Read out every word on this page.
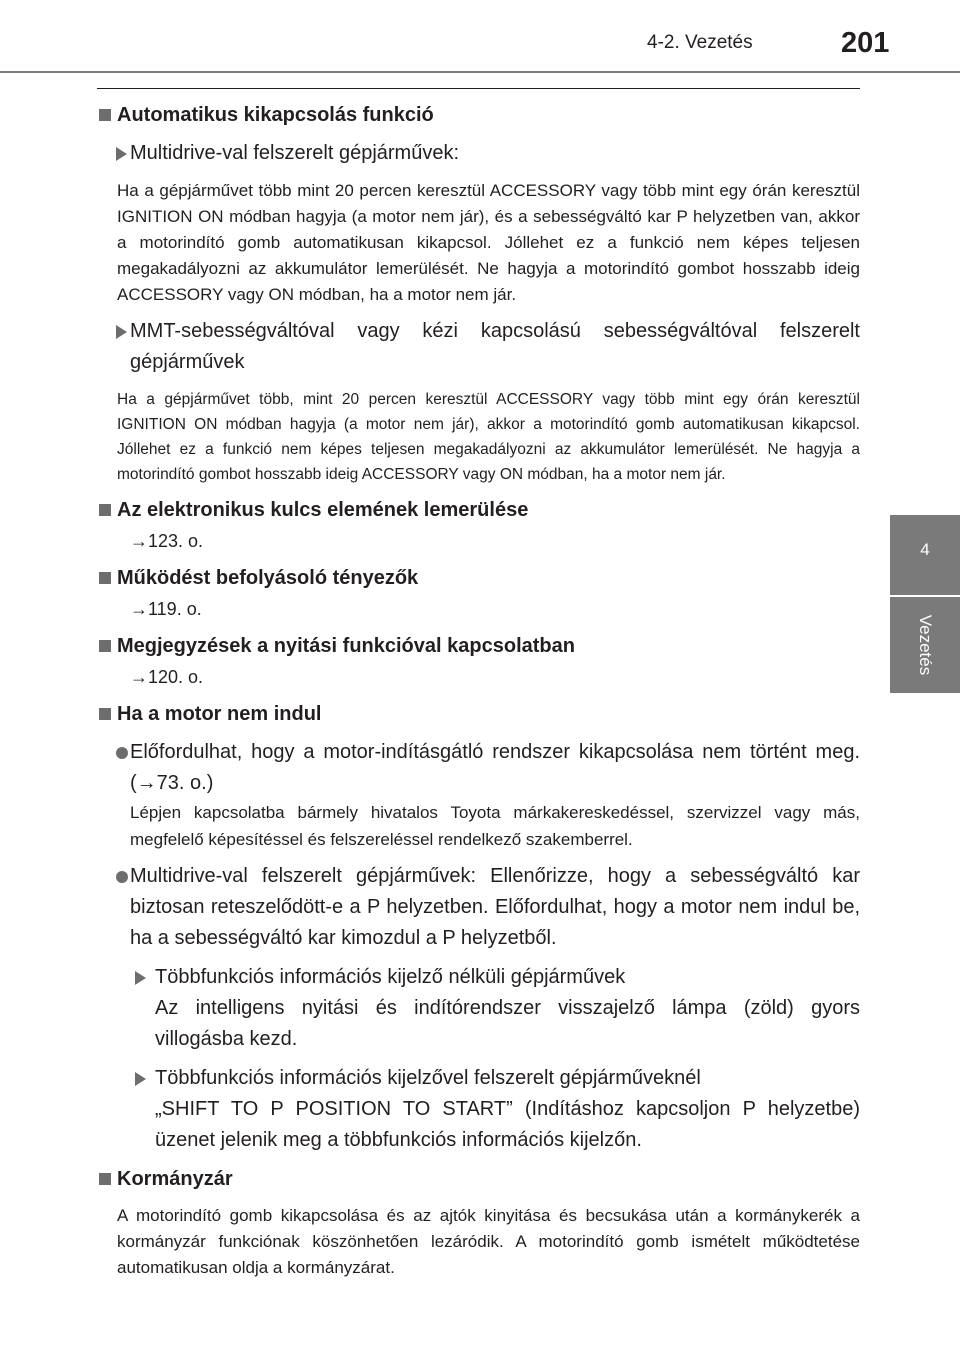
4-2. Vezetés	201
4
Vezetés
Automatikus kikapcsolás funkció
Multidrive-val felszerelt gépjárművek:
Ha a gépjárművet több mint 20 percen keresztül ACCESSORY vagy több mint egy órán keresztül IGNITION ON módban hagyja (a motor nem jár), és a sebességváltó kar P helyzetben van, akkor a motorindító gomb automatikusan kikapcsol. Jóllehet ez a funkció nem képes teljesen megakadályozni az akkumulátor lemerülését. Ne hagyja a motorindító gombot hosszabb ideig ACCESSORY vagy ON módban, ha a motor nem jár.
MMT-sebességváltóval vagy kézi kapcsolású sebességváltóval felszerelt gépjárművek
Ha a gépjárművet több, mint 20 percen keresztül ACCESSORY vagy több mint egy órán keresztül IGNITION ON módban hagyja (a motor nem jár), akkor a motorindító gomb automatikusan kikapcsol. Jóllehet ez a funkció nem képes teljesen megakadályozni az akkumulátor lemerülését. Ne hagyja a motorindító gombot hosszabb ideig ACCESSORY vagy ON módban, ha a motor nem jár.
Az elektronikus kulcs elemének lemerülése
→123. o.
Működést befolyásoló tényezők
→119. o.
Megjegyzések a nyitási funkcióval kapcsolatban
→120. o.
Ha a motor nem indul
Előfordulhat, hogy a motor-indításgátló rendszer kikapcsolása nem történt meg. (→73. o.)
Lépjen kapcsolatba bármely hivatalos Toyota márkakereskedéssel, szervizzel vagy más, megfelelő képesítéssel és felszereléssel rendelkező szakemberrel.
Multidrive-val felszerelt gépjárművek: Ellenőrizze, hogy a sebességváltó kar biztosan reteszelődött-e a P helyzetben. Előfordulhat, hogy a motor nem indul be, ha a sebességváltó kar kimozdul a P helyzetből.
Többfunkciós információs kijelző nélküli gépjárművek
Az intelligens nyitási és indítórendszer visszajelző lámpa (zöld) gyors villogásba kezd.
Többfunkciós információs kijelzővel felszerelt gépjárműveknél
„SHIFT TO P POSITION TO START” (Indításhoz kapcsoljon P helyzetbe) üzenet jelenik meg a többfunkciós információs kijelzőn.
Kormányzár
A motorindító gomb kikapcsolása és az ajtók kinyitása és becsukása után a kormánykerék a kormányzár funkciónak köszönhetően lezáródik. A motorindító gomb ismételt működtetése automatikusan oldja a kormányzárat.
